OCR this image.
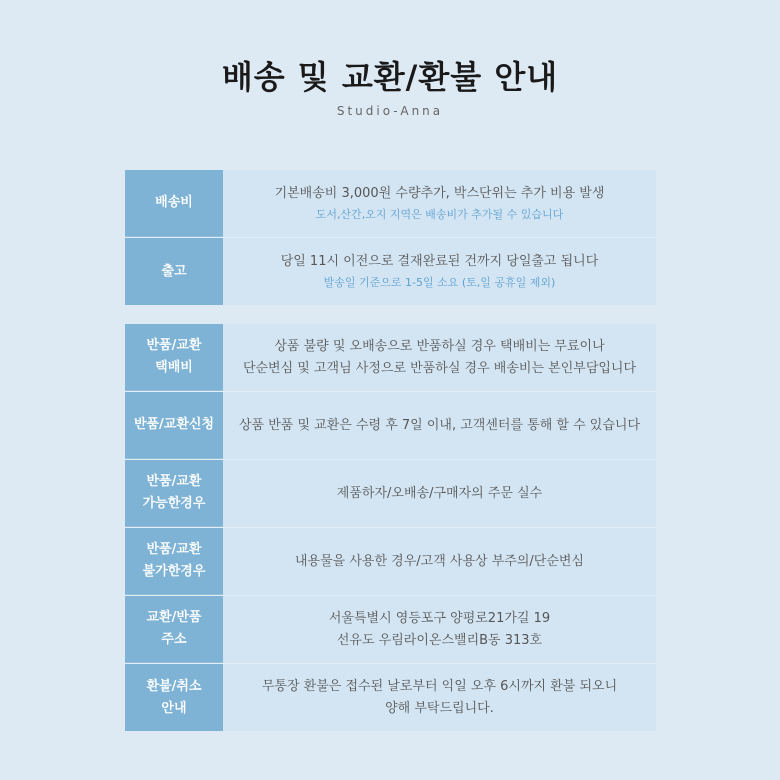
배송 및 교환/환불 안내
Studio-Anna
배송비
기본배송비 3,000원 수량추가, 박스단위는 추가 비용 발생
도서,산간,오지 지역은 배송비가 추가될 수 있습니다
출고
당일 11시 이전으로 결재완료된 건까지 당일출고 됩니다
발송일 기준으로 1-5일 소요 (토,일 공휴일 제외)
반품/교환
택배비
상품 불량 및 오배송으로 반품하실 경우 택배비는 무료이나
단순변심 및 고객님 사정으로 반품하실 경우 배송비는 본인부담입니다
반품/교환신청 상품 반품 및 교환은 수령 후 7일 이내, 고객센터를 통해 할 수 있습니다
반품/교환
가능한경우
제품하자/오배송/구매자의 주문 실수
반품/교환
불가한경우
내용물을 사용한 경우/고객 사용상 부주의/단순변심
교환/반품
주소
서울특별시 영등포구 양평로21가길 19
선유도 우림라이온스밸리B동 313호
환불/취소
안내
무통장 환불은 접수된 날로부터 익일 오후 6시까지 환불 되오니
양해 부탁드립니다.
